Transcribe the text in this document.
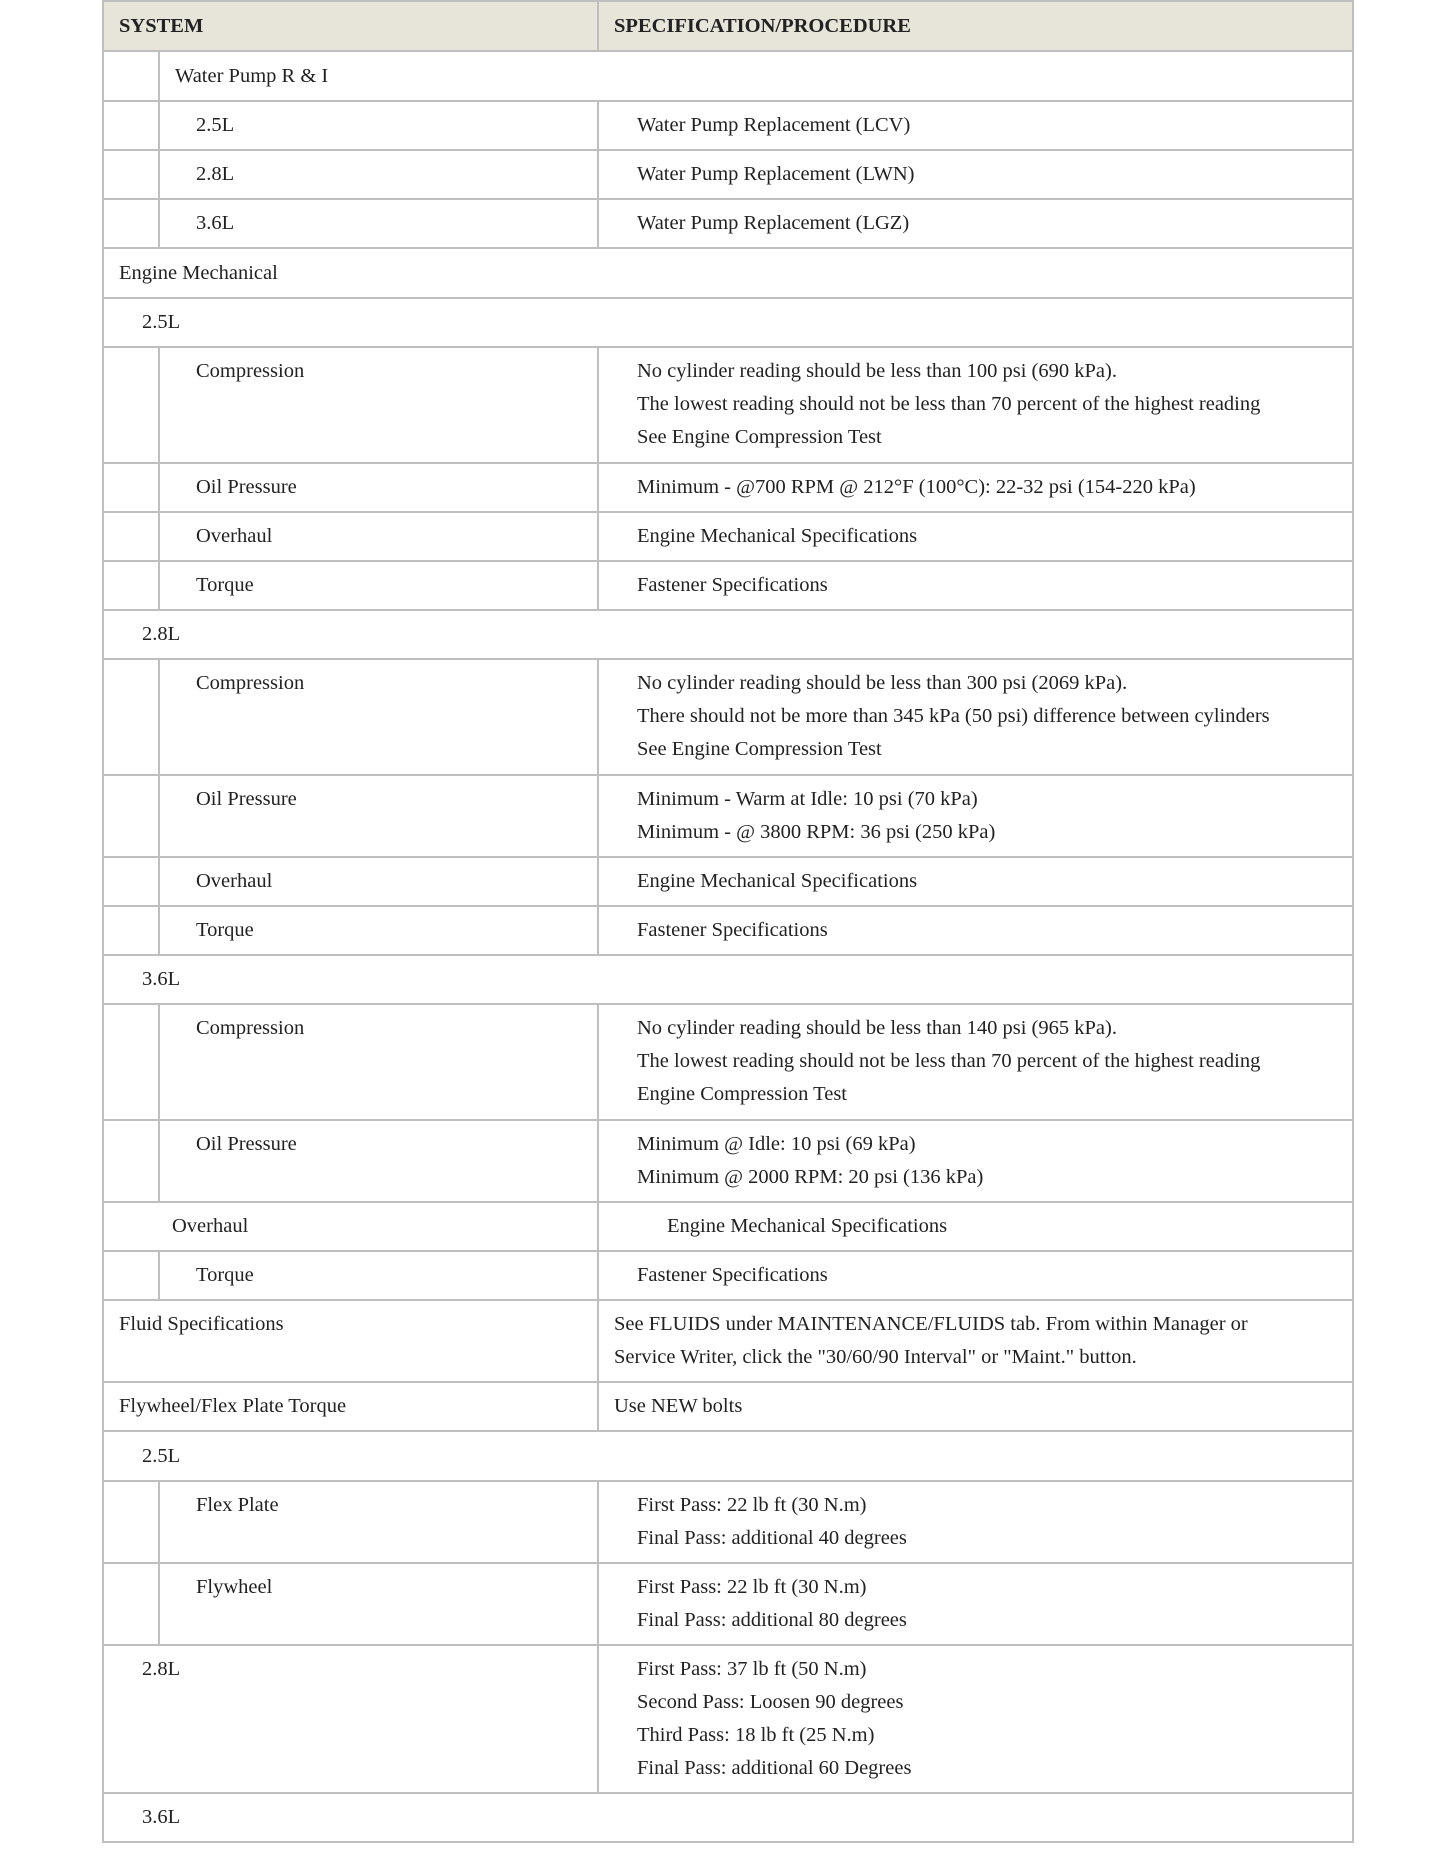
SYSTEM		SPECIFICATION/PROCEDURE
	Water Pump R & I	
	2.5L	Water Pump Replacement (LCV)
	2.8L	Water Pump Replacement (LWN)
	3.6L	Water Pump Replacement (LGZ)
Engine Mechanical		
2.5L		
	Compression	No cylinder reading should be less than 100 psi (690 kPa).
The lowest reading should not be less than 70 percent of the highest reading
See Engine Compression Test

	Oil Pressure	Minimum - @700 RPM @ 212°F (100°C): 22-32 psi (154-220 kPa)
	Overhaul	Engine Mechanical Specifications
	Torque	Fastener Specifications
2.8L		
	Compression	No cylinder reading should be less than 300 psi (2069 kPa).
There should not be more than 345 kPa (50 psi) difference between cylinders
See Engine Compression Test

	Oil Pressure	Minimum - Warm at Idle: 10 psi (70 kPa)
Minimum - @ 3800 RPM: 36 psi (250 kPa)

	Overhaul	Engine Mechanical Specifications
	Torque	Fastener Specifications
3.6L		
	Compression	No cylinder reading should be less than 140 psi (965 kPa).
The lowest reading should not be less than 70 percent of the highest reading
Engine Compression Test

	Oil Pressure	Minimum @ Idle: 10 psi (69 kPa)
Minimum @ 2000 RPM: 20 psi (136 kPa)

Overhaul		Engine Mechanical Specifications
	Torque	Fastener Specifications
Fluid Specifications		See FLUIDS under MAINTENANCE/FLUIDS tab. From within Manager or
Service Writer, click the "30/60/90 Interval" or "Maint." button.

Flywheel/Flex Plate Torque		Use NEW bolts
2.5L		
	Flex Plate	First Pass: 22 lb ft (30 N.m)
Final Pass: additional 40 degrees

	Flywheel	First Pass: 22 lb ft (30 N.m)
Final Pass: additional 80 degrees

2.8L		First Pass: 37 lb ft (50 N.m)
Second Pass: Loosen 90 degrees
Third Pass: 18 lb ft (25 N.m)
Final Pass: additional 60 Degrees

3.6L		
